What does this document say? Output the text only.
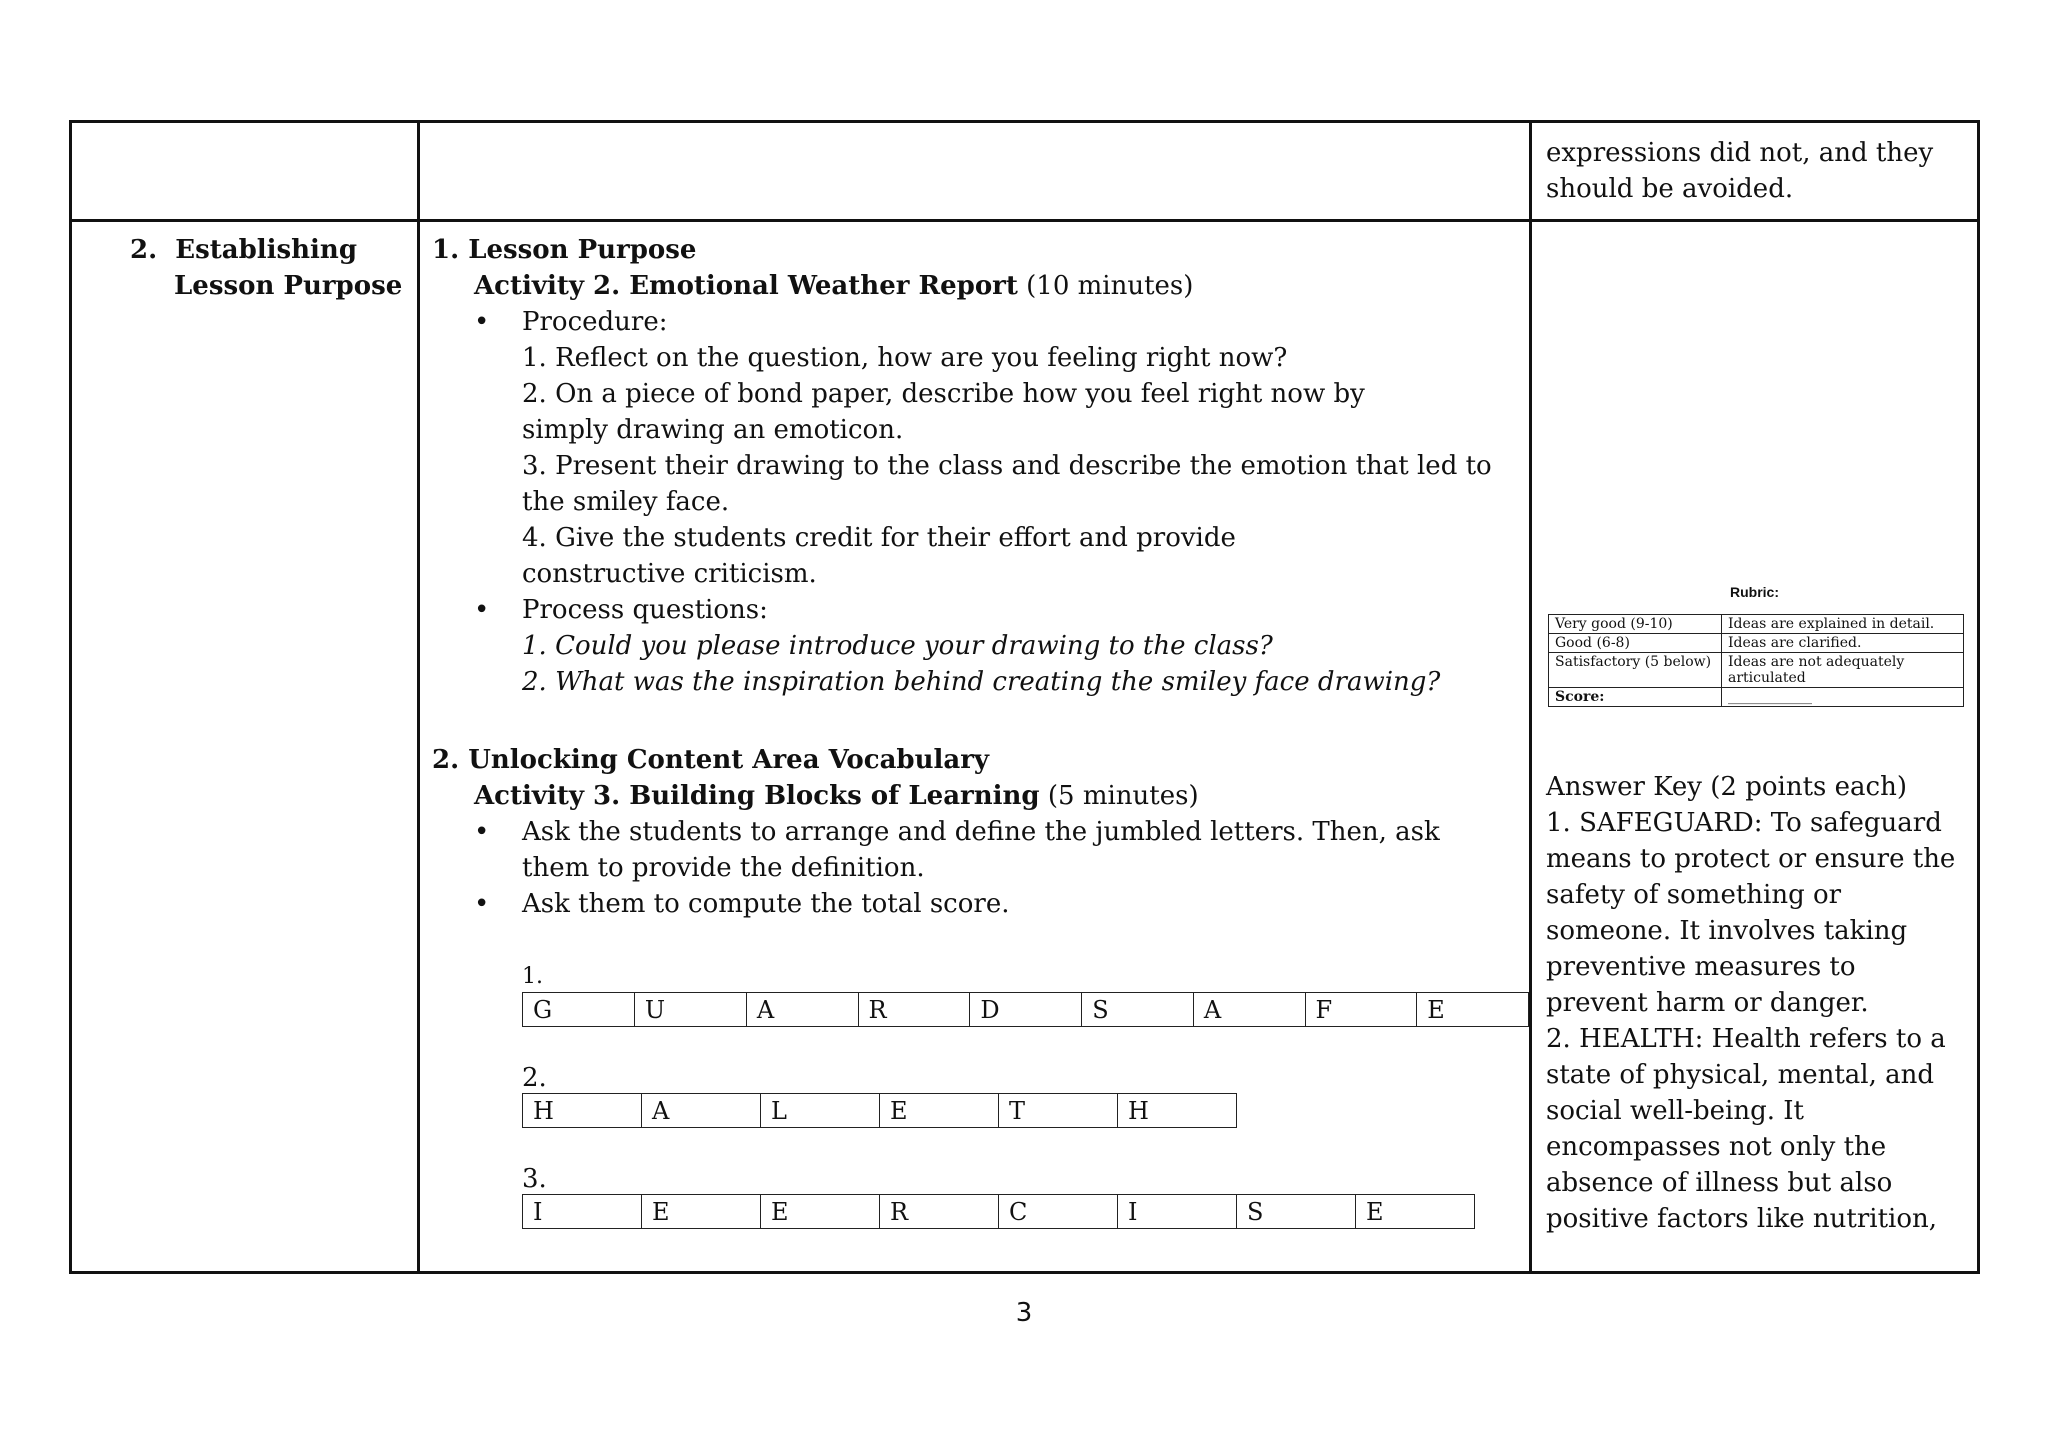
expressions did not, and they should be avoided.

2. Establishing
Lesson Purpose

1. Lesson Purpose
Activity 2. Emotional Weather Report (10 minutes)
• Procedure:
1. Reflect on the question, how are you feeling right now?
2. On a piece of bond paper, describe how you feel right now by simply drawing an emoticon.
3. Present their drawing to the class and describe the emotion that led to the smiley face.
4. Give the students credit for their effort and provide constructive criticism.
• Process questions:
1. Could you please introduce your drawing to the class?
2. What was the inspiration behind creating the smiley face drawing?
2. Unlocking Content Area Vocabulary
Activity 3. Building Blocks of Learning (5 minutes)
• Ask the students to arrange and define the jumbled letters. Then, ask them to provide the definition.
• Ask them to compute the total score.
1.
G	U	A	R	D	S	A	F	E
2.
H	A	L	E	T	H
3.
I	E	E	R	C	I	S	E

Rubric:
Very good (9-10)	Ideas are explained in detail.
Good (6-8)	Ideas are clarified.
Satisfactory (5 below)	Ideas are not adequately articulated
Score:	____________
Answer Key (2 points each)
1. SAFEGUARD: To safeguard means to protect or ensure the safety of something or someone. It involves taking preventive measures to prevent harm or danger.
2. HEALTH: Health refers to a state of physical, mental, and social well-being. It encompasses not only the absence of illness but also positive factors like nutrition,
3
